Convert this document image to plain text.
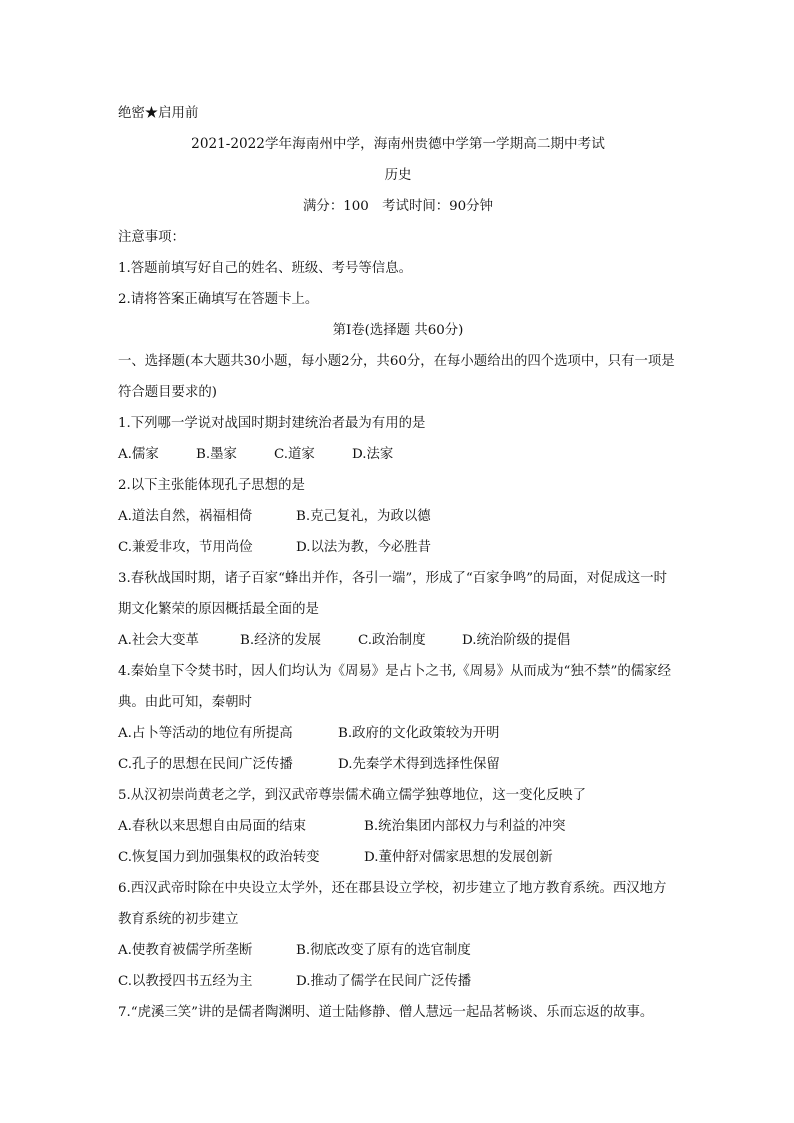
绝密★启用前
2021-2022学年海南州中学，海南州贵德中学第一学期高二期中考试
历史
满分：100　考试时间：90分钟
注意事项：
1.答题前填写好自己的姓名、班级、考号等信息。
2.请将答案正确填写在答题卡上。
第Ⅰ卷(选择题 共60分)
一、选择题(本大题共30小题，每小题2分，共60分，在每小题给出的四个选项中，只有一项是符合题目要求的)
1.下列哪一学说对战国时期封建统治者最为有用的是
A.儒家	B.墨家	C.道家	D.法家
2.以下主张能体现孔子思想的是
A.道法自然，祸福相倚	B.克己复礼，为政以德
C.兼爱非攻，节用尚俭	D.以法为教，今必胜昔
3.春秋战国时期，诸子百家“蜂出并作，各引一端”，形成了“百家争鸣”的局面，对促成这一时期文化繁荣的原因概括最全面的是
A.社会大变革	B.经济的发展	C.政治制度	D.统治阶级的提倡
4.秦始皇下令焚书时，因人们均认为《周易》是占卜之书,《周易》从而成为“独不禁”的儒家经典。由此可知，秦朝时
A.占卜等活动的地位有所提高	B.政府的文化政策较为开明
C.孔子的思想在民间广泛传播	D.先秦学术得到选择性保留
5.从汉初崇尚黄老之学，到汉武帝尊崇儒术确立儒学独尊地位，这一变化反映了
A.春秋以来思想自由局面的结束	B.统治集团内部权力与利益的冲突
C.恢复国力到加强集权的政治转变	D.董仲舒对儒家思想的发展创新
6.西汉武帝时除在中央设立太学外，还在郡县设立学校，初步建立了地方教育系统。西汉地方教育系统的初步建立
A.使教育被儒学所垄断	B.彻底改变了原有的选官制度
C.以教授四书五经为主	D.推动了儒学在民间广泛传播
7.“虎溪三笑”讲的是儒者陶渊明、道士陆修静、僧人慧远一起品茗畅谈、乐而忘返的故事。
